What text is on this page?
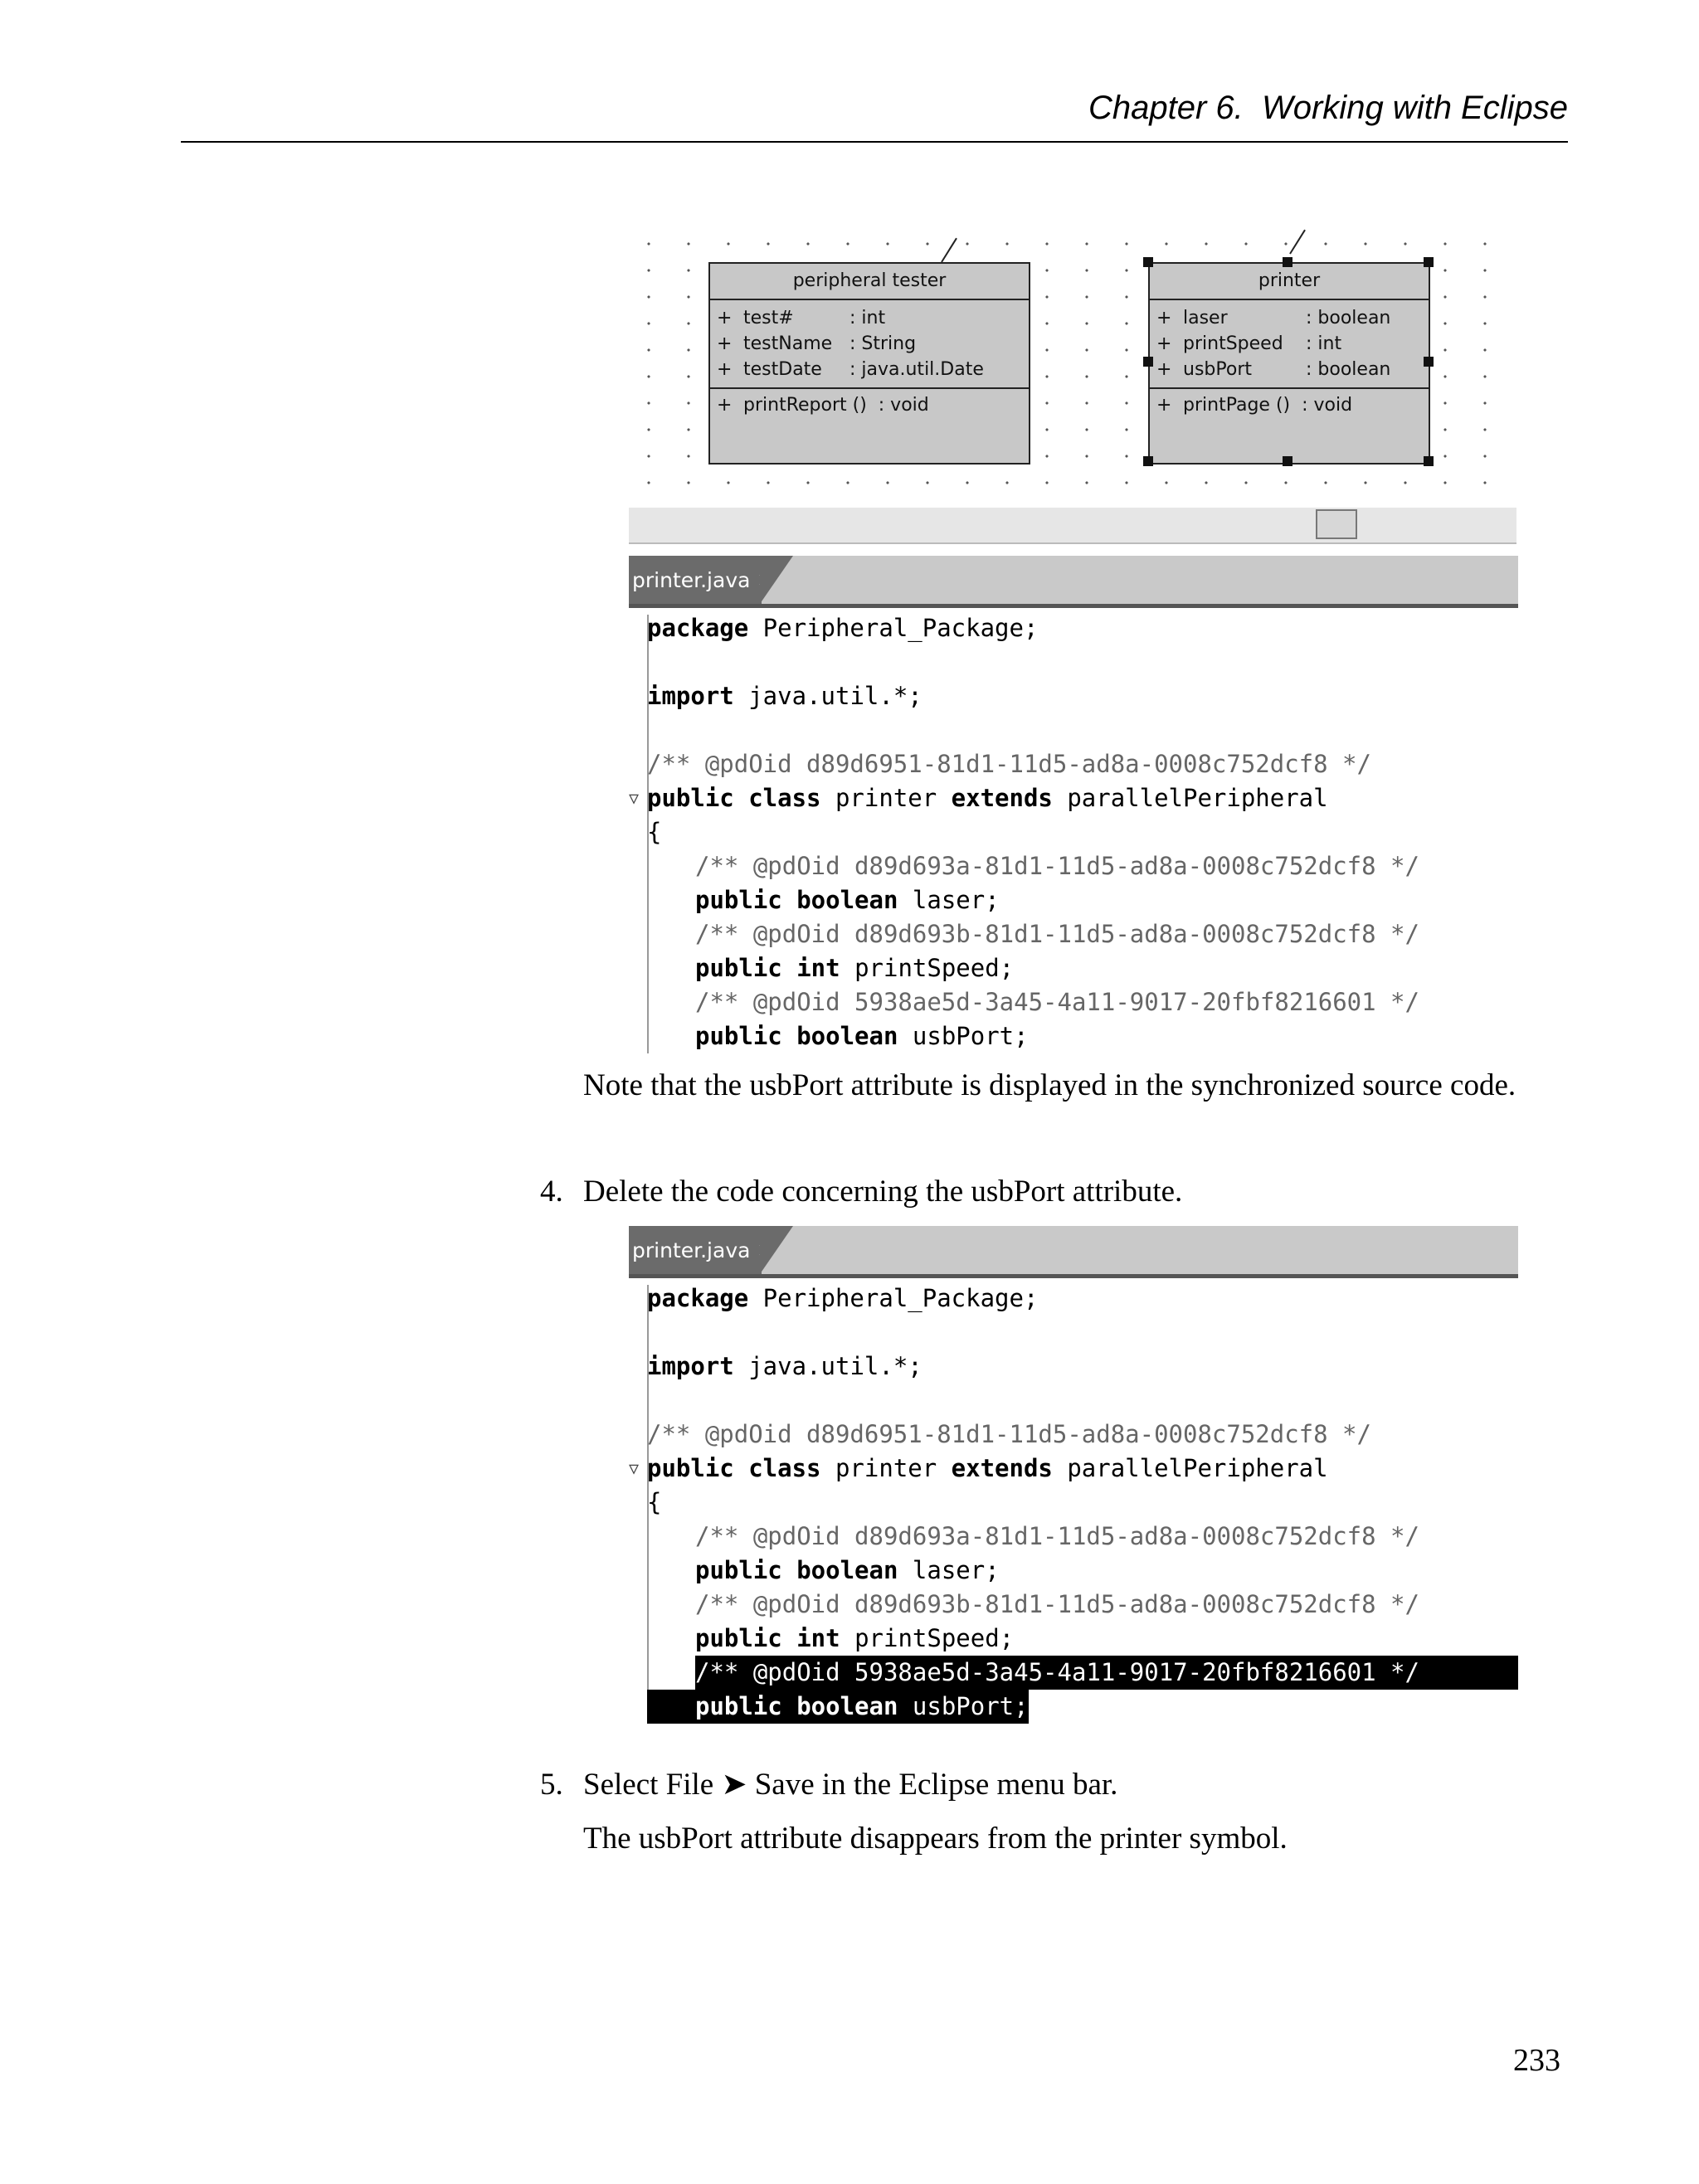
Chapter 6.  Working with Eclipse
peripheral tester
+ test#	: int
+ testName : String
+ testDate : java.util.Date
+ printReport ()  : void
printer
+ laser	: boolean
+ printSpeed : int
+ usbPort	: boolean
+ printPage ()  : void
printer.java ✕
package Peripheral_Package;
import java.util.*;
/** @pdOid d89d6951-81d1-11d5-ad8a-0008c752dcf8 */
▽ public class printer extends parallelPeripheral
{
/** @pdOid d89d693a-81d1-11d5-ad8a-0008c752dcf8 */
public boolean laser;
/** @pdOid d89d693b-81d1-11d5-ad8a-0008c752dcf8 */
public int printSpeed;
/** @pdOid 5938ae5d-3a45-4a11-9017-20fbf8216601 */
public boolean usbPort;
Note that the usbPort attribute is displayed in the synchronized source code.
4. Delete the code concerning the usbPort attribute.
printer.java ✕
package Peripheral_Package;
import java.util.*;
/** @pdOid d89d6951-81d1-11d5-ad8a-0008c752dcf8 */
▽ public class printer extends parallelPeripheral
{
/** @pdOid d89d693a-81d1-11d5-ad8a-0008c752dcf8 */
public boolean laser;
/** @pdOid d89d693b-81d1-11d5-ad8a-0008c752dcf8 */
public int printSpeed;
/** @pdOid 5938ae5d-3a45-4a11-9017-20fbf8216601 */
public boolean usbPort;
5. Select File ➤ Save in the Eclipse menu bar.
The usbPort attribute disappears from the printer symbol.
233
